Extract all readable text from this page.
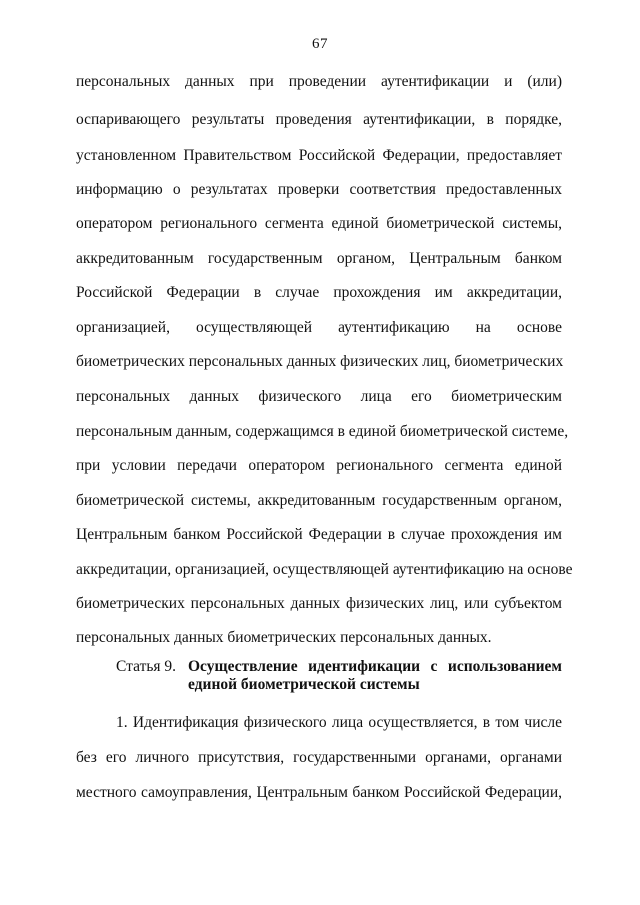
67
персональных данных при проведении аутентификации и (или)
оспаривающего результаты проведения аутентификации, в порядке,
установленном Правительством Российской Федерации, предоставляет
информацию о результатах проверки соответствия предоставленных
оператором регионального сегмента единой биометрической системы,
аккредитованным государственным органом, Центральным банком
Российской Федерации в случае прохождения им аккредитации,
организацией, осуществляющей аутентификацию на основе
биометрических персональных данных физических лиц, биометрических
персональных данных физического лица его биометрическим
персональным данным, содержащимся в единой биометрической системе,
при условии передачи оператором регионального сегмента единой
биометрической системы, аккредитованным государственным органом,
Центральным банком Российской Федерации в случае прохождения им
аккредитации, организацией, осуществляющей аутентификацию на основе
биометрических персональных данных физических лиц, или субъектом
персональных данных биометрических персональных данных.
Статья 9. Осуществление идентификации с использованием единой биометрической системы
1. Идентификация физического лица осуществляется, в том числе
без его личного присутствия, государственными органами, органами
местного самоуправления, Центральным банком Российской Федерации,
